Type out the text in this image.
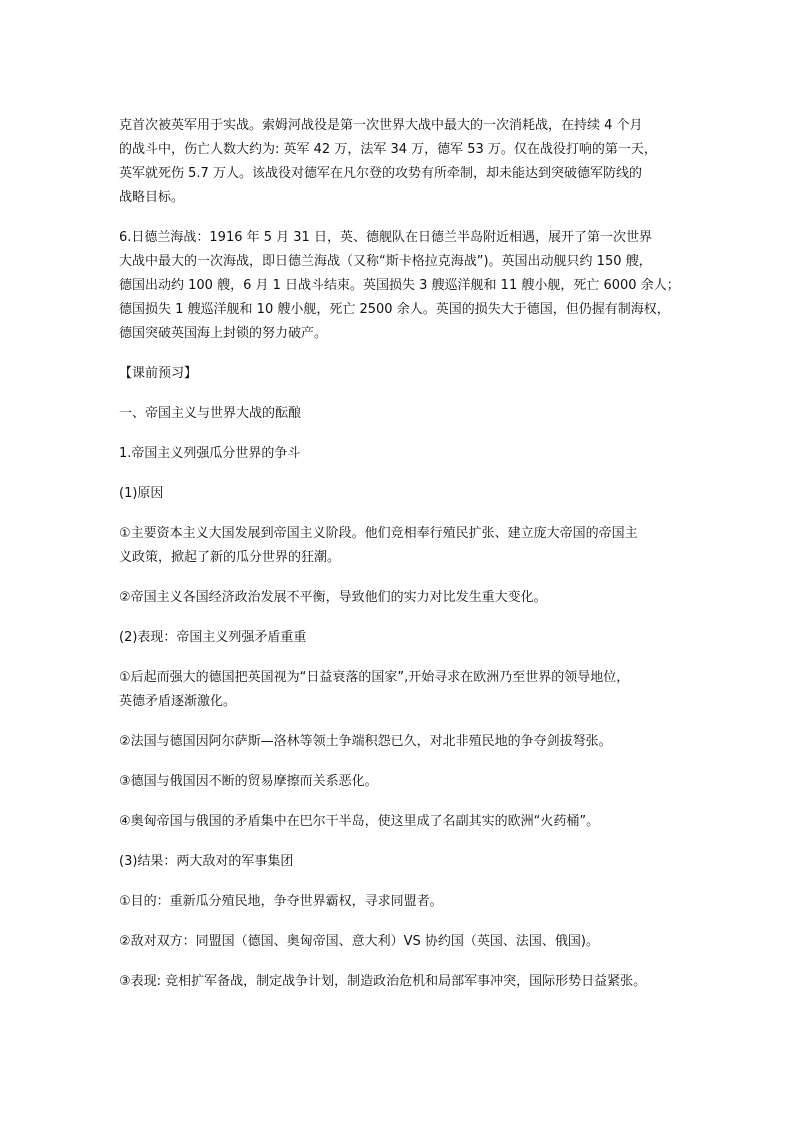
克首次被英军用于实战。索姆河战役是第一次世界大战中最大的一次消耗战，在持续 4 个月
的战斗中，伤亡人数大约为: 英军 42 万，法军 34 万，德军 53 万。仅在战役打响的第一天，
英军就死伤 5.7 万人。该战役对德军在凡尔登的攻势有所牵制，却未能达到突破德军防线的
战略目标。

6.日德兰海战：1916 年 5 月 31 日，英、德舰队在日德兰半岛附近相遇，展开了第一次世界
大战中最大的一次海战，即日德兰海战（又称“斯卡格拉克海战”)。英国出动舰只约 150 艘，
德国出动约 100 艘，6 月 1 日战斗结束。英国损失 3 艘巡洋舰和 11 艘小舰，死亡 6000 余人；
德国损失 1 艘巡洋舰和 10 艘小舰，死亡 2500 余人。英国的损失大于德国，但仍握有制海权，
德国突破英国海上封锁的努力破产。

【课前预习】

一、帝国主义与世界大战的酝酿

1.帝国主义列强瓜分世界的争斗

(1)原因

①主要资本主义大国发展到帝国主义阶段。他们竞相奉行殖民扩张、建立庞大帝国的帝国主
义政策，掀起了新的瓜分世界的狂潮。

②帝国主义各国经济政治发展不平衡，导致他们的实力对比发生重大变化。

(2)表现：帝国主义列强矛盾重重

①后起而强大的德国把英国视为“日益衰落的国家”,开始寻求在欧洲乃至世界的领导地位，
英德矛盾逐渐激化。

②法国与德国因阿尔萨斯—洛林等领土争端积怨已久，对北非殖民地的争夺剑拔弩张。

③德国与俄国因不断的贸易摩擦而关系恶化。

④奥匈帝国与俄国的矛盾集中在巴尔干半岛，使这里成了名副其实的欧洲“火药桶”。

(3)结果：两大敌对的军事集团

①目的：重新瓜分殖民地，争夺世界霸权，寻求同盟者。

②敌对双方：同盟国（德国、奥匈帝国、意大利）VS 协约国（英国、法国、俄国)。

③表现: 竞相扩军备战，制定战争计划，制造政治危机和局部军事冲突，国际形势日益紧张。
